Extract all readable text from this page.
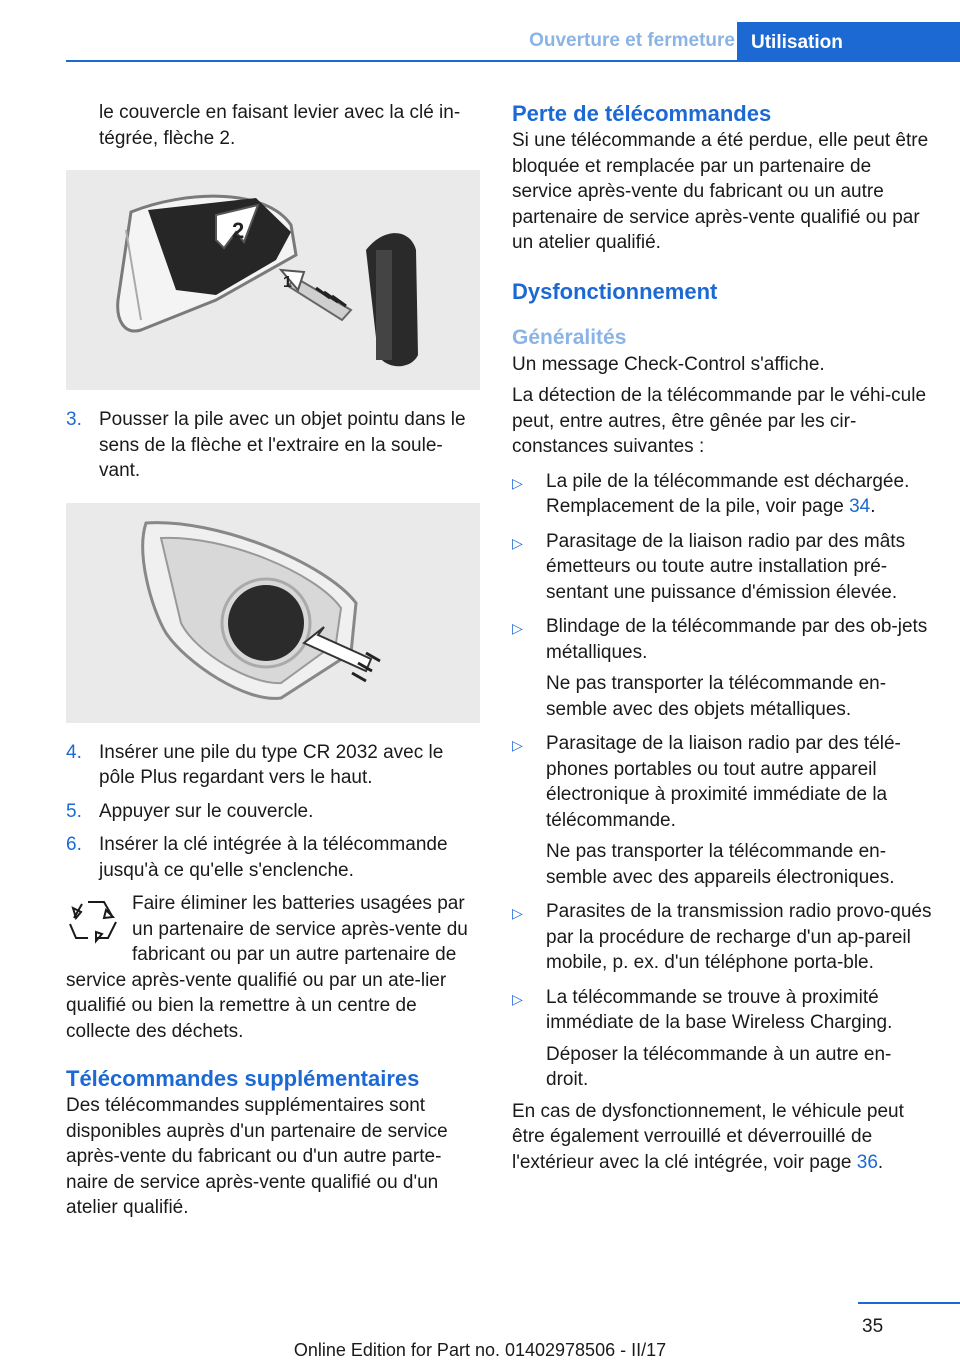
Ouverture et fermeture Utilisation

le couvercle en faisant levier avec la clé in-tégrée, flèche 2.

2
1
3. Pousser la pile avec un objet pointu dans le sens de la flèche et l'extraire en la soule-vant.
4. Insérer une pile du type CR 2032 avec le pôle Plus regardant vers le haut.
5. Appuyer sur le couvercle.
6. Insérer la clé intégrée à la télécommande jusqu'à ce qu'elle s'enclenche.

Faire éliminer les batteries usagées par un partenaire de service après-vente du fabricant ou par un autre partenaire de service après-vente qualifié ou par un ate-lier qualifié ou bien la remettre à un centre de collecte des déchets.

Télécommandes supplémentaires

Des télécommandes supplémentaires sont disponibles auprès d'un partenaire de service après-vente du fabricant ou d'un autre parte-naire de service après-vente qualifié ou d'un atelier qualifié.

Perte de télécommandes

Si une télécommande a été perdue, elle peut être bloquée et remplacée par un partenaire de service après-vente du fabricant ou un autre partenaire de service après-vente qualifié ou par un atelier qualifié.

Dysfonctionnement
Généralités

Un message Check-Control s'affiche.

La détection de la télécommande par le véhi-cule peut, entre autres, être gênée par les cir-constances suivantes :

▷	La pile de la télécommande est déchargée. Remplacement de la pile, voir page 34.
▷	Parasitage de la liaison radio par des mâts émetteurs ou toute autre installation pré-sentant une puissance d'émission élevée.
▷	Blindage de la télécommande par des ob-jets métalliques.

Ne pas transporter la télécommande en-semble avec des objets métalliques.

▷	Parasitage de la liaison radio par des télé-phones portables ou tout autre appareil électronique à proximité immédiate de la télécommande.

Ne pas transporter la télécommande en-semble avec des appareils électroniques.

▷	Parasites de la transmission radio provo-qués par la procédure de recharge d'un ap-pareil mobile, p. ex. d'un téléphone porta-ble.
▷	La télécommande se trouve à proximité immédiate de la base Wireless Charging.

Déposer la télécommande à un autre en-droit.

En cas de dysfonctionnement, le véhicule peut être également verrouillé et déverrouillé de l'extérieur avec la clé intégrée, voir page 36.

35
Online Edition for Part no. 01402978506 - II/17
